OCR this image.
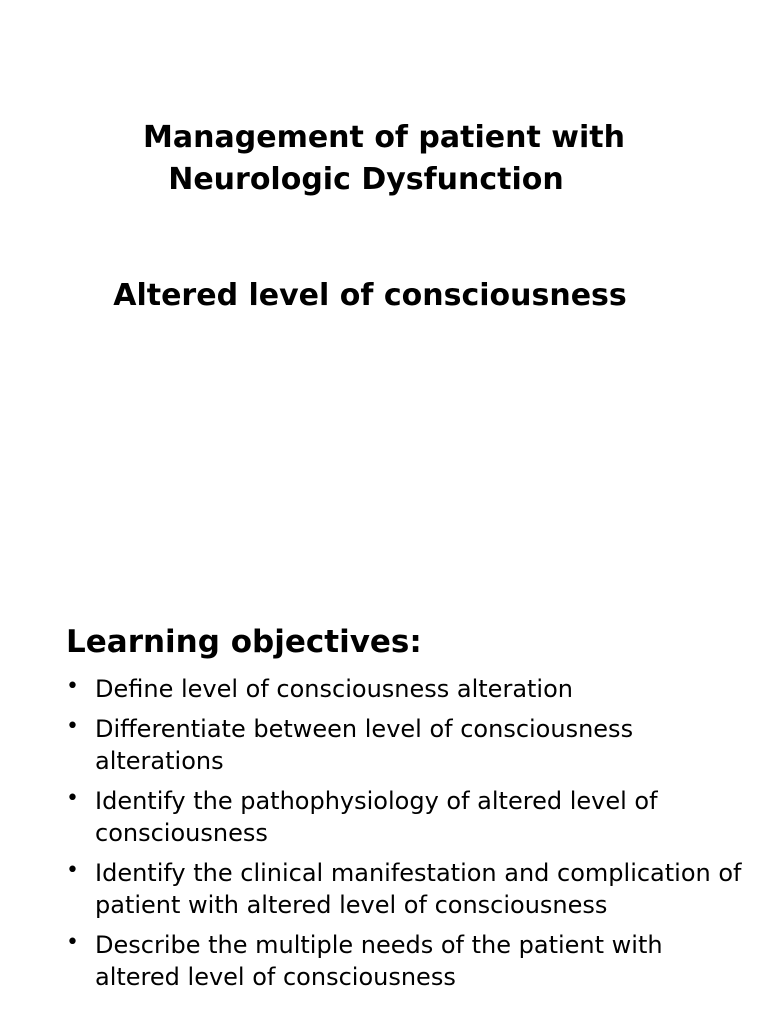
Management of patient with
Neurologic Dysfunction
Altered level of consciousness
Learning objectives:
• Define level of consciousness alteration
• Differentiate between level of consciousness alterations
• Identify the pathophysiology of altered level of consciousness
• Identify the clinical manifestation and complication of patient with altered level of consciousness
• Describe the multiple needs of the patient with altered level of consciousness
